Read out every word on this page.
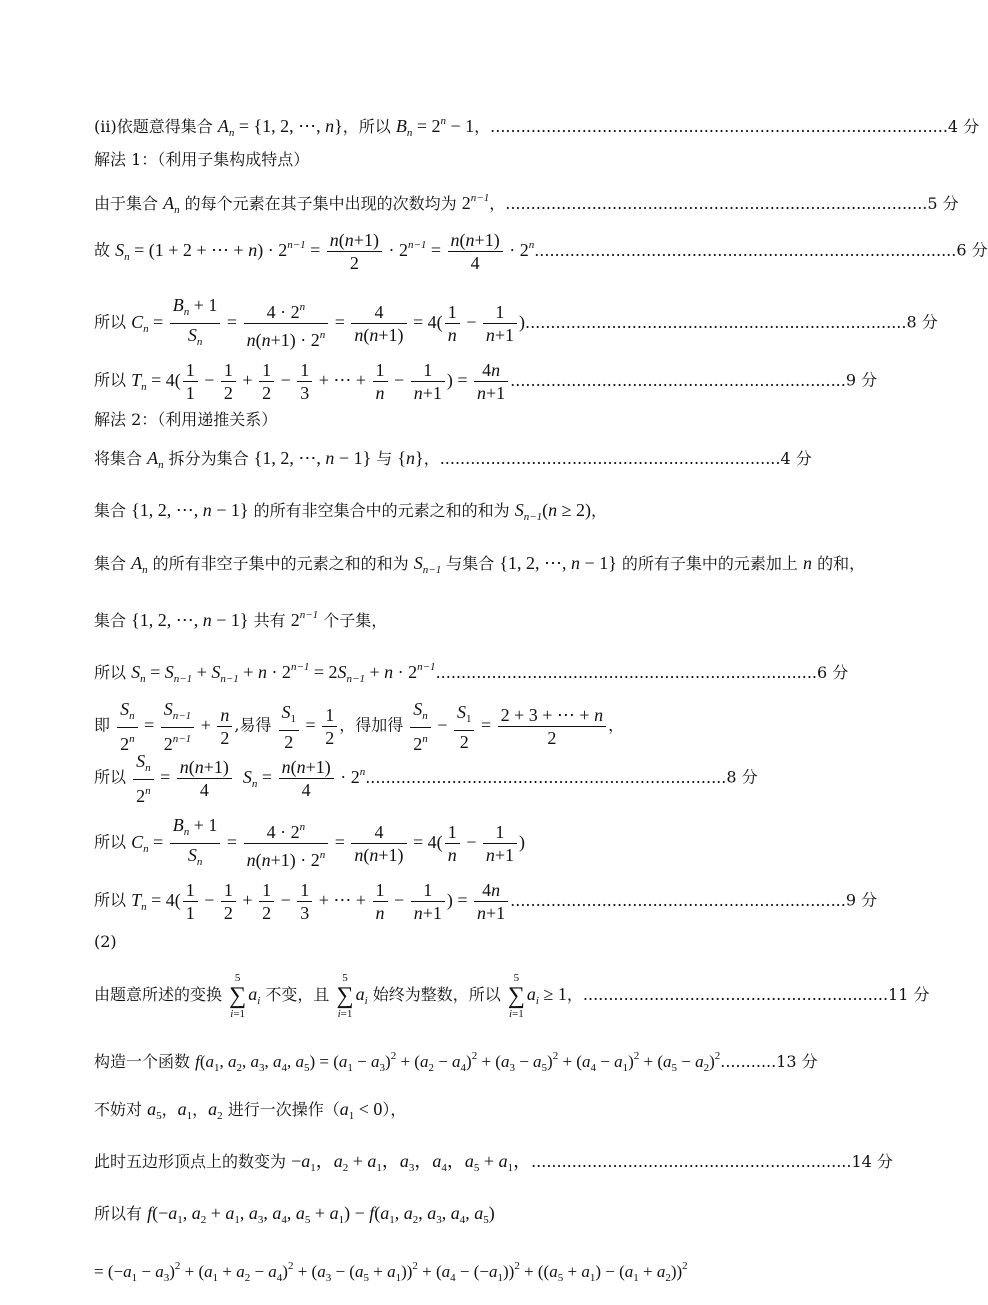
(ii)依题意得集合 $A_n = \{1$, 2, ⋯, n}，所以 $B_n = 2^n - 1$，..........................................................................................4 分
解法 1：（利用子集构成特点）
由于集合 $A_n$ 的每个元素在其子集中出现的次数均为 $2^{n-1}$，...................................................................................5 分
故 $S_n = (1 + 2$ + ⋯ + $n) \cdot 2^{n-1} = \frac{n(n+1)}{2} \cdot 2^{n-1} = \frac{n(n+1)}{4} \cdot 2^n...................................................................................6$ 分
所以 $C_n = \frac{B_n + 1}{S_n} = \frac{4 \cdot 2^n}{n(n+1) \cdot 2^n} = \frac{4}{n(n+1)} = 4( \frac{1}{n} - \frac{1}{n+1} )...........................................................................8$ 分
所以 $T_n = 4( \frac{1}{1} - \frac{1}{2} + \frac{1}{2} - \frac{1}{3}$ + ⋯ + $\frac{1}{n} - \frac{1}{n+1}$ ) = $\frac{4n}{n+1} ..................................................................9$ 分
解法 2：（利用递推关系）
将集合 $A_n$ 拆分为集合 {1, 2, ⋯, n − 1} 与 {n}，...................................................................4 分
集合 {1, 2, ⋯, n − 1} 的所有非空集合中的元素之和的和为 $S_{n-1}(n \ge 2)$，
集合 $A_n$ 的所有非空子集中的元素之和的和为 $S_{n-1}$ 与集合 {1, 2, ⋯, n − 1} 的所有子集中的元素加上 n 的和，
集合 {1, 2, ⋯, n − 1} 共有 $2^{n-1}$ 个子集，
所以 $S_n = S_{n-1} + S_{n-1} + n \cdot 2^{n-1} = 2S_{n-1} + n \cdot 2^{n-1}...........................................................................6$ 分
即 $\frac{S_n}{2^n} = \frac{S_{n-1}}{2^{n-1}} + \frac{n}{2}$ ,易得 $\frac{S_1}{2} = \frac{1}{2}$ ，得加得 $\frac{S_n}{2^n} - \frac{S_1}{2} = \frac{2 + 3 + \cdots + n}{2}$ ，
所以 $\frac{S_n}{2^n} = \frac{n(n+1)}{4} S_n = \frac{n(n+1)}{4} \cdot 2^n.......................................................................8$ 分
所以 $C_n = \frac{B_n + 1}{S_n} = \frac{4 \cdot 2^n}{n(n+1) \cdot 2^n} = \frac{4}{n(n+1)} = 4( \frac{1}{n} - \frac{1}{n+1}$ )
所以 $T_n = 4( \frac{1}{1} - \frac{1}{2} + \frac{1}{2} - \frac{1}{3}$ + ⋯ + $\frac{1}{n} - \frac{1}{n+1}$ ) = $\frac{4n}{n+1} ..................................................................9$ 分
(2)
由题意所述的变换 5
∑
$i=1a_i$ 不变，且 5
∑
$i=1a_i$ 始终为整数，所以 5
∑
$i=1a_i \ge 1$，............................................................11 分
构造一个函数 $f(a_1$, $a_2$, $a_3$, $a_4$, $a_5) = (a_1 - a_3)^2 + (a_2 - a_4)^2 + (a_3 - a_5)^2 + (a_4 - a_1)^2 + (a_5 - a_2)^2...........13$ 分
不妨对 $a_5$，$a_1$，$a_2$ 进行一次操作$(a_1 < 0)$，
此时五边形顶点上的数变为 $-a_1$，$a_2 + a_1$，$a_3$，$a_4$，$a_5 + a_1$，...............................................................14 分
所以有 $f(-a_1$, $a_2 + a_1$, $a_3$, $a_4$, $a_5 + a_1) - f(a_1$, $a_2$, $a_3$, $a_4$, $a_5$)
= $(-a_1 - a_3)^2 + (a_1 + a_2 - a_4)^2 + (a_3 - (a_5 + a_1))^2 + (a_4 - (-a_1))^2 + ((a_5 + a_1) - (a_1 + a_2))^2$
